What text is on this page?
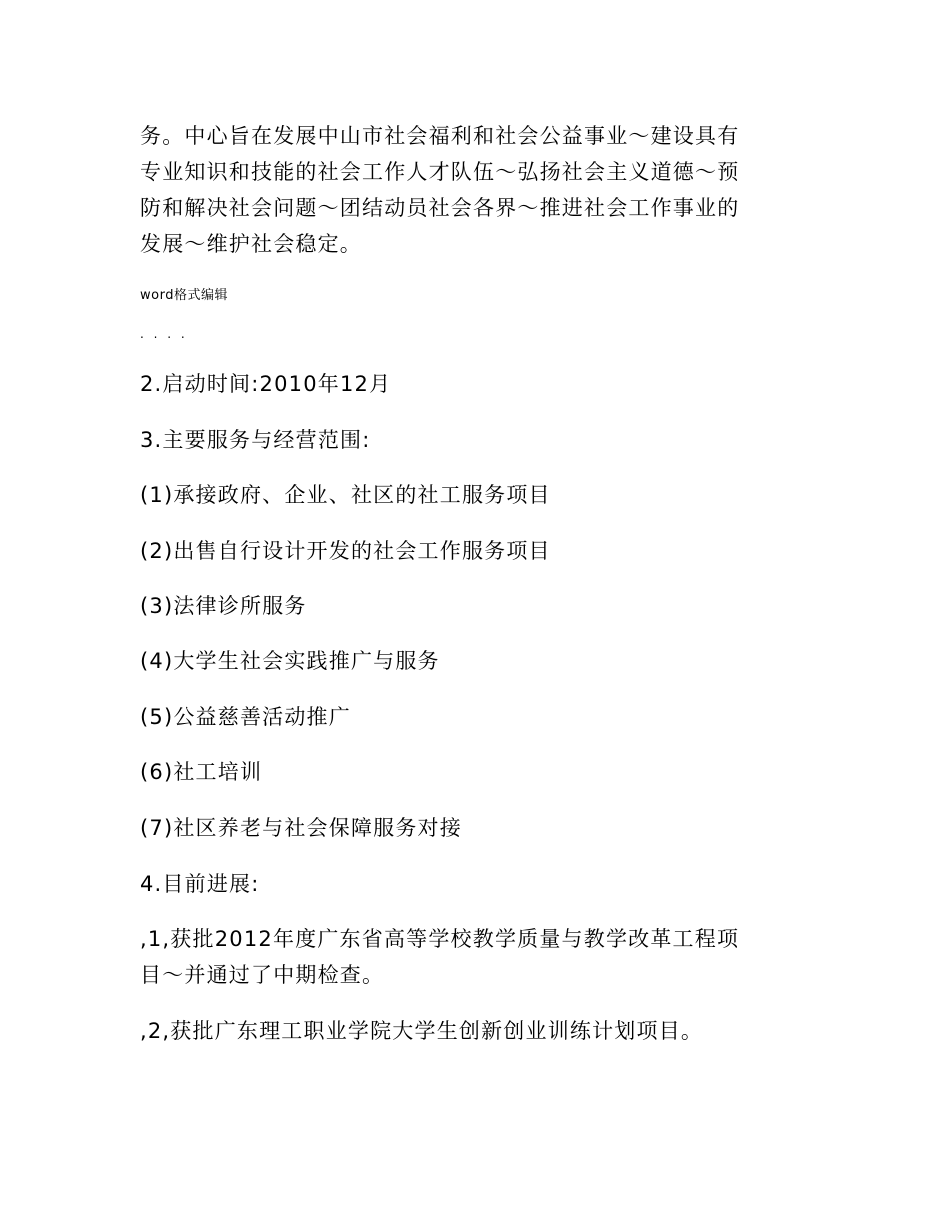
务。中心旨在发展中山市社会福利和社会公益事业～建设具有
专业知识和技能的社会工作人才队伍～弘扬社会主义道德～预
防和解决社会问题～团结动员社会各界～推进社会工作事业的
发展～维护社会稳定。

word格式编辑

. . . .

2.启动时间:2010年12月

3.主要服务与经营范围:

(1)承接政府、企业、社区的社工服务项目

(2)出售自行设计开发的社会工作服务项目

(3)法律诊所服务

(4)大学生社会实践推广与服务

(5)公益慈善活动推广

(6)社工培训

(7)社区养老与社会保障服务对接

4.目前进展:

,1,获批2012年度广东省高等学校教学质量与教学改革工程项
目～并通过了中期检查。
,2,获批广东理工职业学院大学生创新创业训练计划项目。
